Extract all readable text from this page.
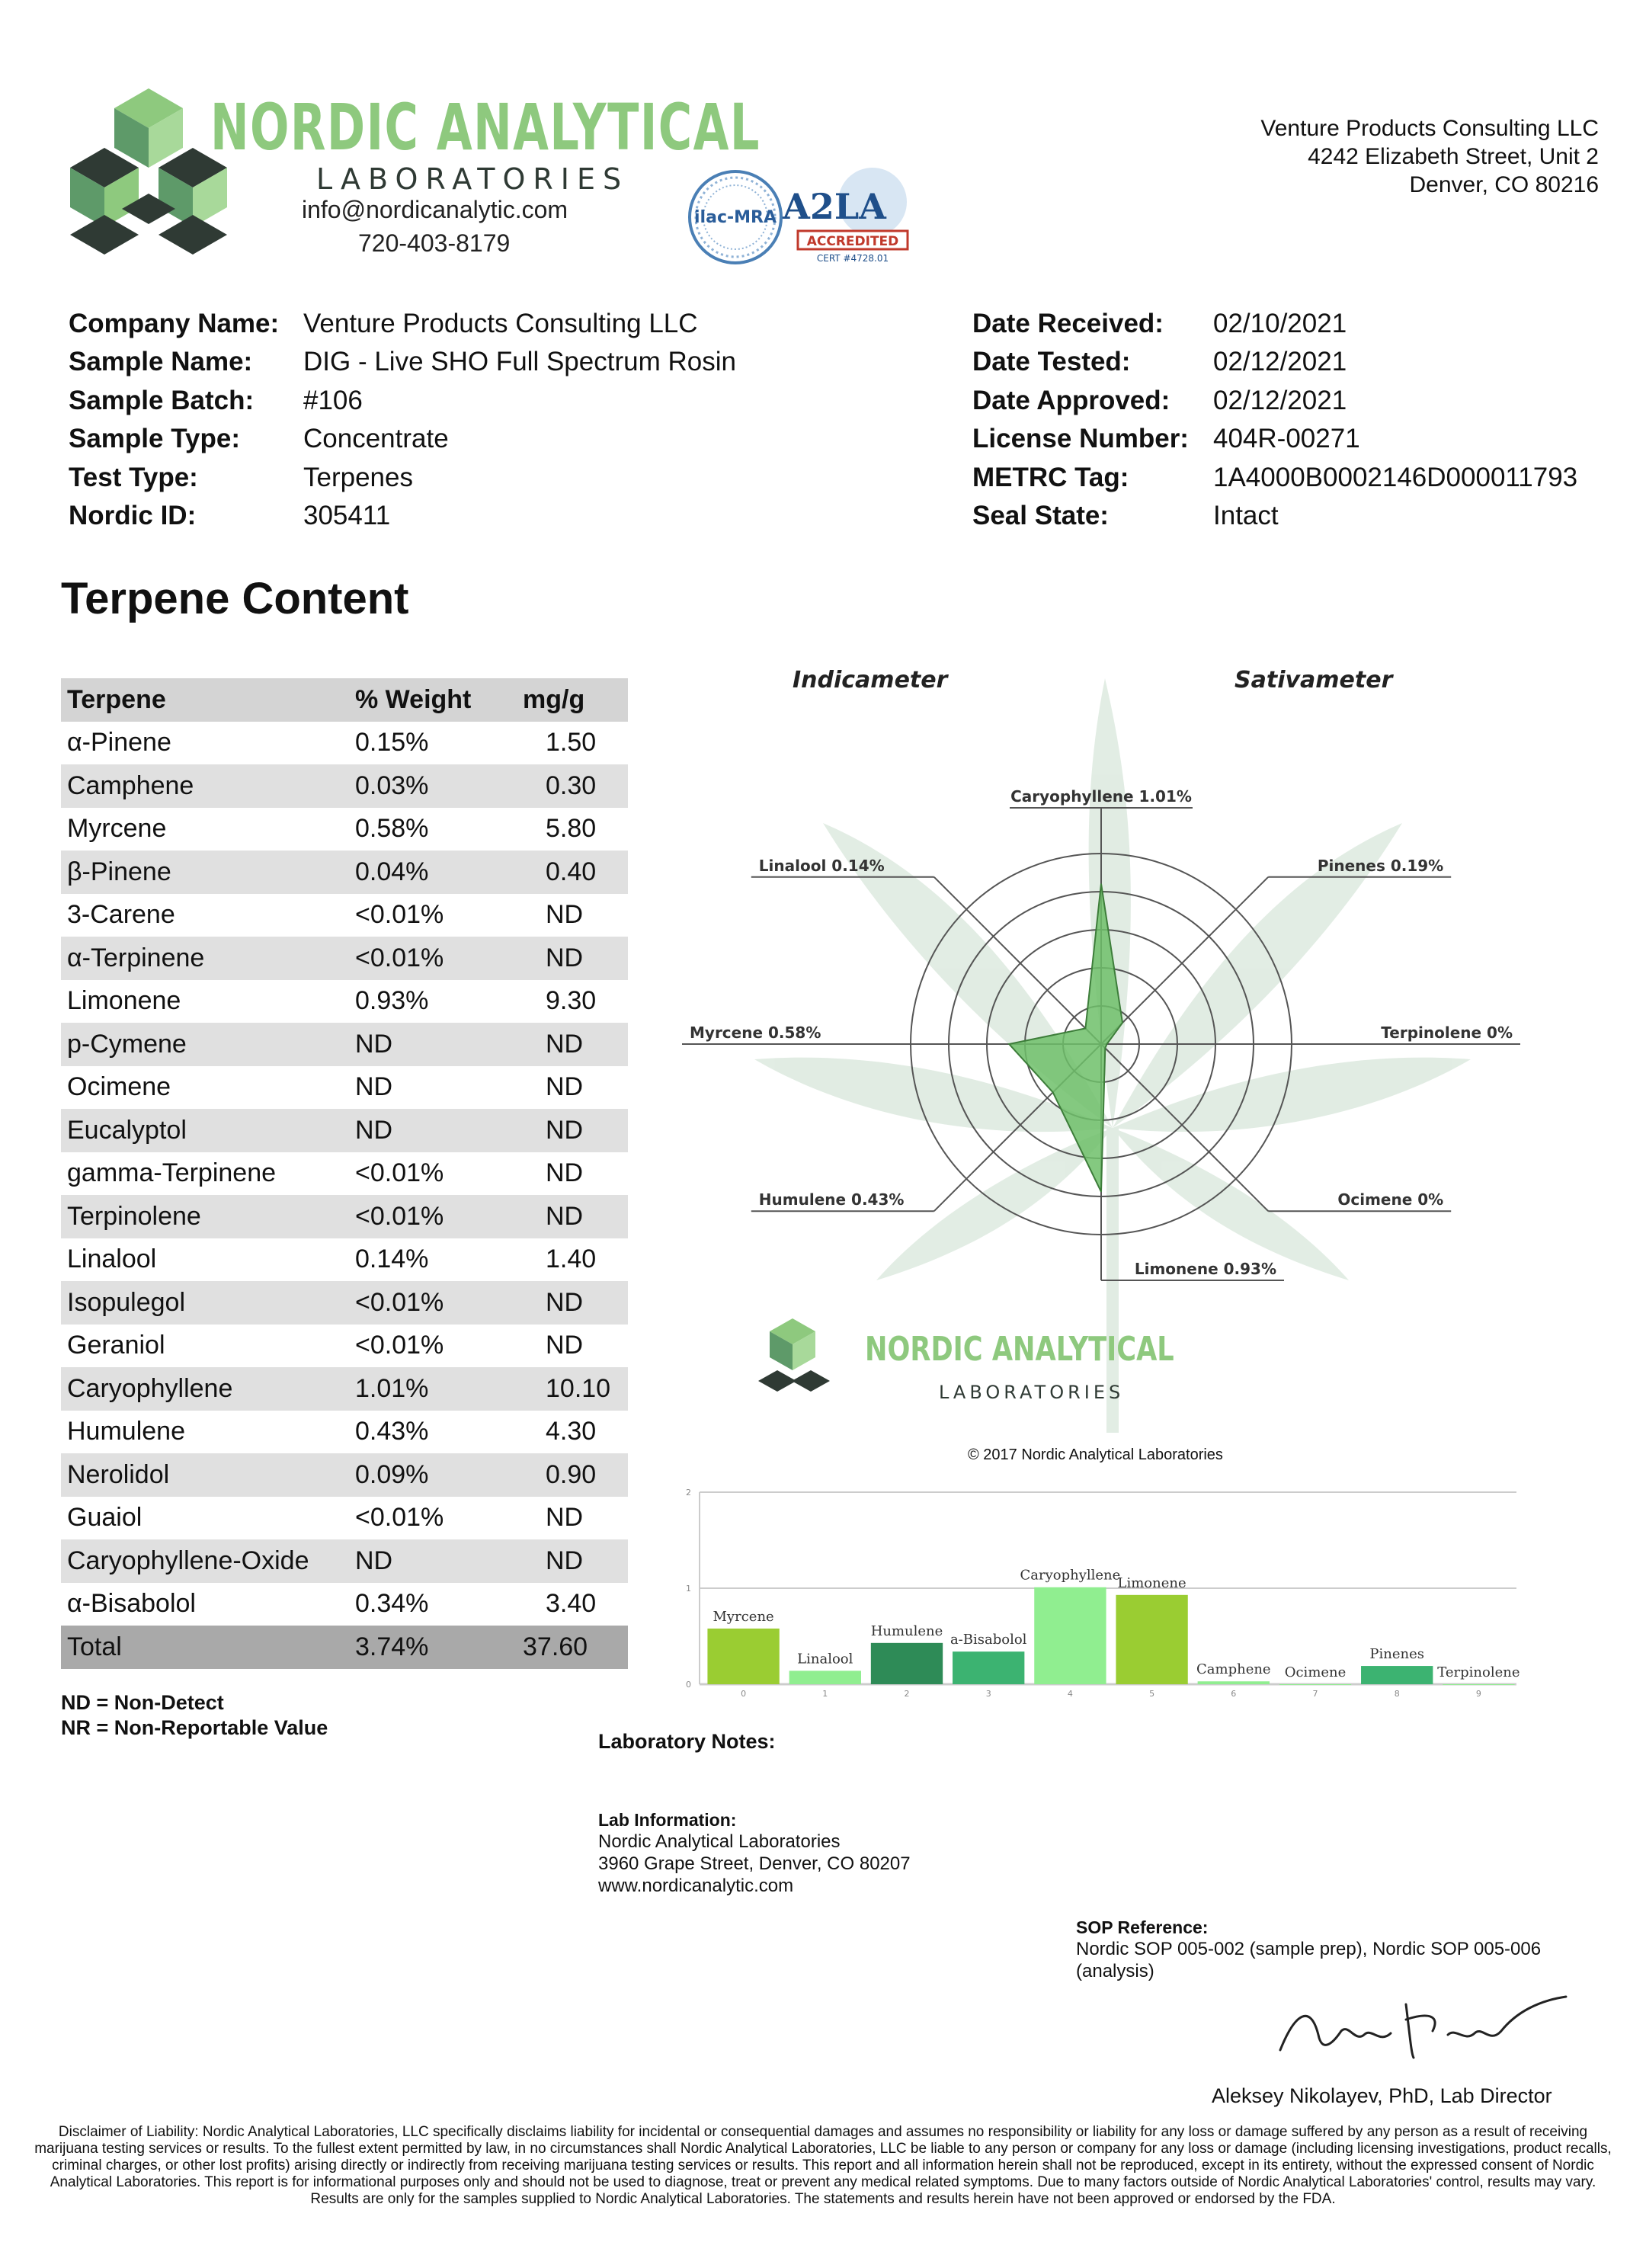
NORDIC ANALYTICAL
LABORATORIES
info@nordicanalytic.com
720-403-8179
ilac-MRA A2LA
ACCREDITED
CERT #4728.01
Venture Products Consulting LLC
4242 Elizabeth Street, Unit 2
Denver, CO 80216
Company Name: Venture Products Consulting LLC
Sample Name: DIG - Live SHO Full Spectrum Rosin
Sample Batch: #106
Sample Type: Concentrate
Test Type:	Terpenes
Nordic ID:	305411
Date Received: 02/10/2021
Date Tested:	02/12/2021
Date Approved: 02/12/2021
License Number: 404R-00271
METRC Tag:	1A4000B0002146D000011793
Seal State:	Intact
Terpene Content
Terpene	% Weight	mg/g
α-Pinene	0.15%	1.50
Camphene	0.03%	0.30
Myrcene	0.58%	5.80
β-Pinene	0.04%	0.40
3-Carene	<0.01%	ND
α-Terpinene	<0.01%	ND
Limonene	0.93%	9.30
p-Cymene	ND	ND
Ocimene	ND	ND
Eucalyptol	ND	ND
gamma-Terpinene	<0.01%	ND
Terpinolene	<0.01%	ND
Linalool	0.14%	1.40
Isopulegol	<0.01%	ND
Geraniol	<0.01%	ND
Caryophyllene	1.01%	10.10
Humulene	0.43%	4.30
Nerolidol	0.09%	0.90
Guaiol	<0.01%	ND
Caryophyllene-Oxide	ND	ND
α-Bisabolol	0.34%	3.40
Total	3.74%	37.60
ND = Non-Detect
NR = Non-Reportable Value
Indicameter	Sativameter
Caryophyllene 1.01%
Pinenes 0.19%
Terpinolene 0%
Ocimene 0%
Limonene 0.93%
Humulene 0.43%
Myrcene 0.58%
Linalool 0.14%
NORDIC ANALYTICAL
LABORATORIES
© 2017 Nordic Analytical Laboratories
0
1
2
Myrcene
0
Linalool
1
Humulene
2
a-Bisabolol
3
Caryophyllene
4
Limonene
5
Camphene
6
Ocimene
7
Pinenes
8
Terpinolene
9
Laboratory Notes:
Lab Information:
Nordic Analytical Laboratories
3960 Grape Street, Denver, CO 80207
www.nordicanalytic.com
SOP Reference:
Nordic SOP 005-002 (sample prep), Nordic SOP 005-006
(analysis)
Aleksey Nikolayev, PhD, Lab Director
Disclaimer of Liability: Nordic Analytical Laboratories, LLC specifically disclaims liability for incidental or consequential damages and assumes no responsibility or liability for any loss or damage suffered by any person as a result of receiving marijuana testing services or results. To the fullest extent permitted by law, in no circumstances shall Nordic Analytical Laboratories, LLC be liable to any person or company for any loss or damage (including licensing investigations, product recalls, criminal charges, or other lost profits) arising directly or indirectly from receiving marijuana testing services or results. This report and all information herein shall not be reproduced, except in its entirety, without the expressed consent of Nordic Analytical Laboratories. This report is for informational purposes only and should not be used to diagnose, treat or prevent any medical related symptoms. Due to many factors outside of Nordic Analytical Laboratories' control, results may vary. Results are only for the samples supplied to Nordic Analytical Laboratories. The statements and results herein have not been approved or endorsed by the FDA.
